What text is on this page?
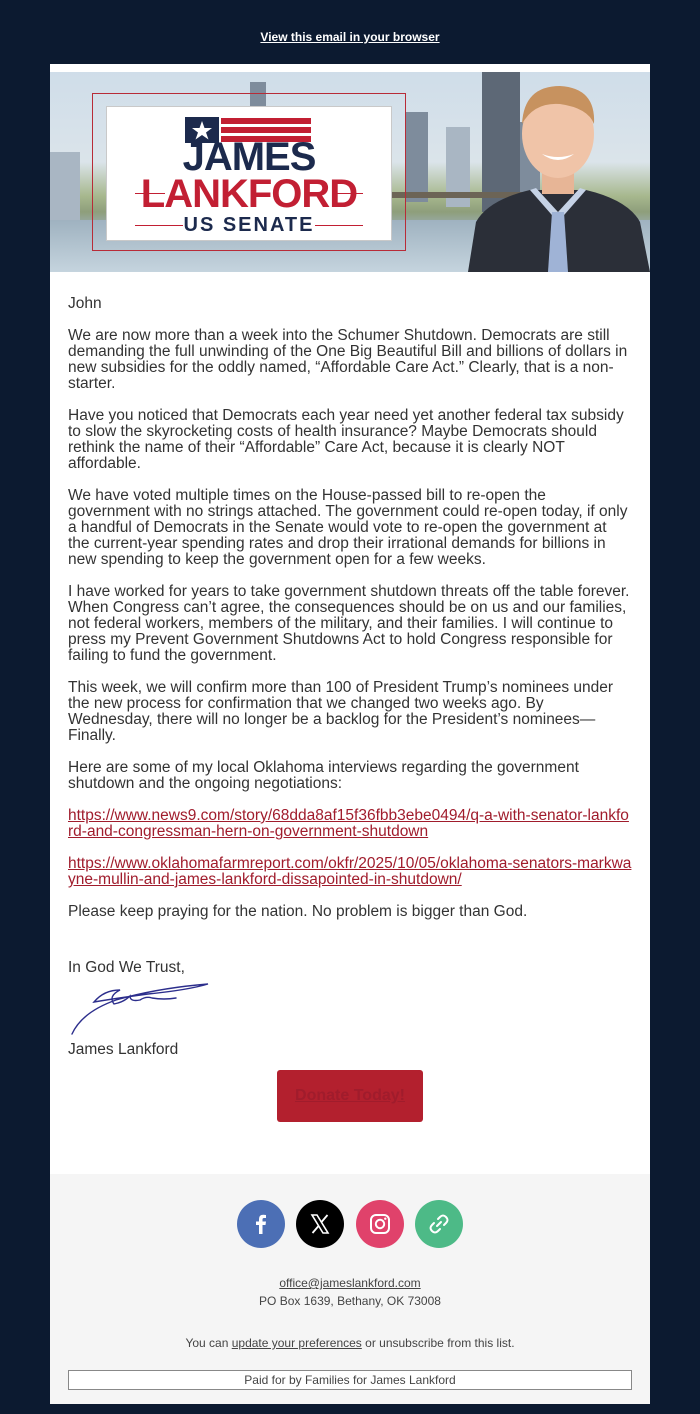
View this email in your browser
JAMES
LANKFORD
US SENATE

John

We are now more than a week into the Schumer Shutdown. Democrats are still demanding the full unwinding of the One Big Beautiful Bill and billions of dollars in new subsidies for the oddly named, “Affordable Care Act.” Clearly, that is a non-starter.

Have you noticed that Democrats each year need yet another federal tax subsidy to slow the skyrocketing costs of health insurance? Maybe Democrats should rethink the name of their “Affordable” Care Act, because it is clearly NOT affordable.

We have voted multiple times on the House-passed bill to re-open the government with no strings attached. The government could re-open today, if only a handful of Democrats in the Senate would vote to re-open the government at the current-year spending rates and drop their irrational demands for billions in new spending to keep the government open for a few weeks.

I have worked for years to take government shutdown threats off the table forever. When Congress can’t agree, the consequences should be on us and our families, not federal workers, members of the military, and their families. I will continue to press my Prevent Government Shutdowns Act to hold Congress responsible for failing to fund the government.

This week, we will confirm more than 100 of President Trump’s nominees under the new process for confirmation that we changed two weeks ago. By Wednesday, there will no longer be a backlog for the President’s nominees—Finally.

Here are some of my local Oklahoma interviews regarding the government shutdown and the ongoing negotiations:

https://www.news9.com/story/68dda8af15f36fbb3ebe0494/q-a-with-senator-lankford-and-congressman-hern-on-government-shutdown

https://www.oklahomafarmreport.com/okfr/2025/10/05/oklahoma-senators-markwayne-mullin-and-james-lankford-dissapointed-in-shutdown/

Please keep praying for the nation. No problem is bigger than God.

In God We Trust,

James Lankford

Donate Today!

office@jameslankford.com
PO Box 1639, Bethany, OK 73008
You can update your preferences or unsubscribe from this list.
Paid for by Families for James Lankford
